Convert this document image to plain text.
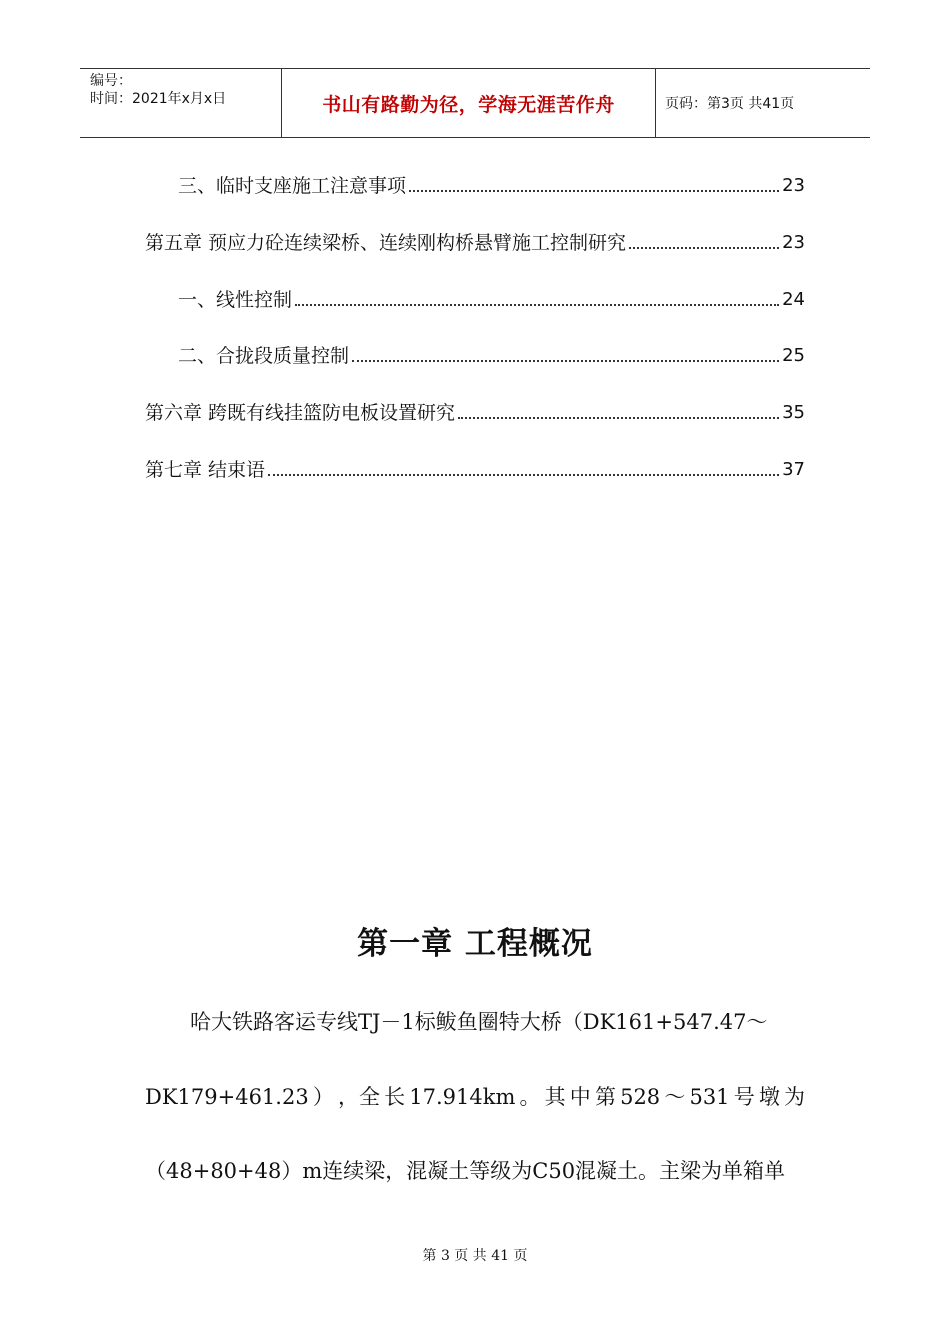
编号：
时间：2021年x月x日	书山有路勤为径，学海无涯苦作舟	页码：第3页 共41页
三、临时支座施工注意事项	23
第五章 预应力砼连续梁桥、连续刚构桥悬臂施工控制研究	23
一、线性控制	24
二、合拢段质量控制	25
第六章 跨既有线挂篮防电板设置研究	35
第七章 结束语	37
第一章 工程概况
哈大铁路客运专线TJ－1标鲅鱼圈特大桥（DK161+547.47～
DK179+461.23 ） ，全 长 17.914km 。 其 中 第 528 ～ 531 号 墩 为
（48+80+48）m连续梁，混凝土等级为C50混凝土。主梁为单箱单
第 3 页 共 41 页
